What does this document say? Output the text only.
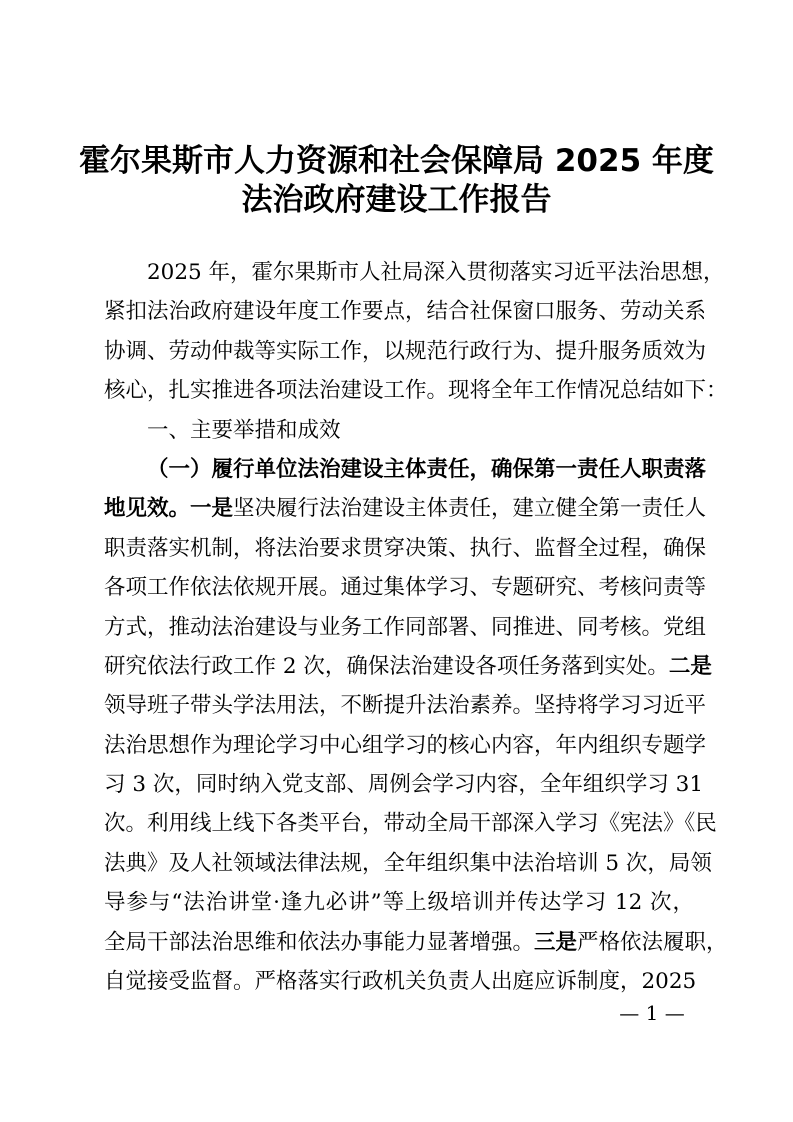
霍尔果斯市人力资源和社会保障局 2025 年度
法治政府建设工作报告
2025 年，霍尔果斯市人社局深入贯彻落实习近平法治思想，
紧扣法治政府建设年度工作要点，结合社保窗口服务、劳动关系
协调、劳动仲裁等实际工作，以规范行政行为、提升服务质效为
核心，扎实推进各项法治建设工作。现将全年工作情况总结如下：
一、主要举措和成效
（一）履行单位法治建设主体责任，确保第一责任人职责落
地见效。一是坚决履行法治建设主体责任，建立健全第一责任人
职责落实机制，将法治要求贯穿决策、执行、监督全过程，确保
各项工作依法依规开展。通过集体学习、专题研究、考核问责等
方式，推动法治建设与业务工作同部署、同推进、同考核。党组
研究依法行政工作 2 次，确保法治建设各项任务落到实处。二是
领导班子带头学法用法，不断提升法治素养。坚持将学习习近平
法治思想作为理论学习中心组学习的核心内容，年内组织专题学
习 3 次，同时纳入党支部、周例会学习内容，全年组织学习 31
次。利用线上线下各类平台，带动全局干部深入学习《宪法》《民
法典》及人社领域法律法规，全年组织集中法治培训 5 次，局领
导参与“法治讲堂·逢九必讲”等上级培训并传达学习 12 次，
全局干部法治思维和依法办事能力显著增强。三是严格依法履职，
自觉接受监督。严格落实行政机关负责人出庭应诉制度，2025
— 1 —
